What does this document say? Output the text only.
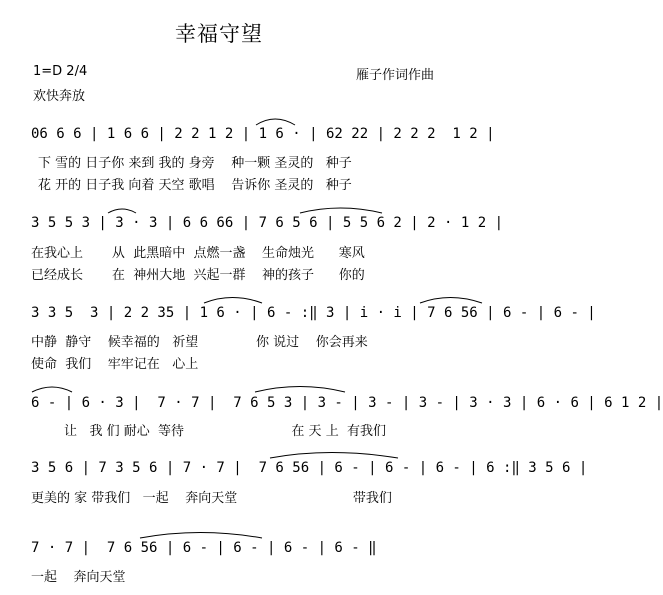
幸福守望
1=D 2/4	雁子作词作曲
欢快奔放
06 6 6 | 1 6 6 | 2 2 1 2 | 1 6 · | 62 22 | 2 2 2  1 2 |
下 雪的 日子你 来到 我的 身旁    种一颗 圣灵的   种子
花 开的 日子我 向着 天空 歌唱    告诉你 圣灵的   种子
3 5 5 3 | 3 · 3 | 6 6 66 | 7 6 5 6 | 5 5 6 2 | 2 · 1 2 |
在我心上       从  此黑暗中  点燃一盏    生命烛光      寒风
已经成长       在  神州大地  兴起一群    神的孩子      你的
3 3 5  3 | 2 2 35 | 1 6 · | 6 - :‖ 3 | i · i | 7 6 56 | 6 - | 6 - |
中静  静守    候幸福的   祈望              你 说过    你会再来
使命  我们    牢牢记在   心上
6 - | 6 · 3 |  7 · 7 |  7 6 5 3 | 3 - | 3 - | 3 - | 3 · 3 | 6 · 6 | 6 1 2 |
让   我 们 耐心  等待                          在 天 上  有我们
3 5 6 | 7 3 5 6 | 7 · 7 |  7 6 56 | 6 - | 6 - | 6 - | 6 :‖ 3 5 6 |
更美的 家 带我们   一起    奔向天堂                            带我们
7 · 7 |  7 6 56 | 6 - | 6 - | 6 - | 6 - ‖
一起    奔向天堂
